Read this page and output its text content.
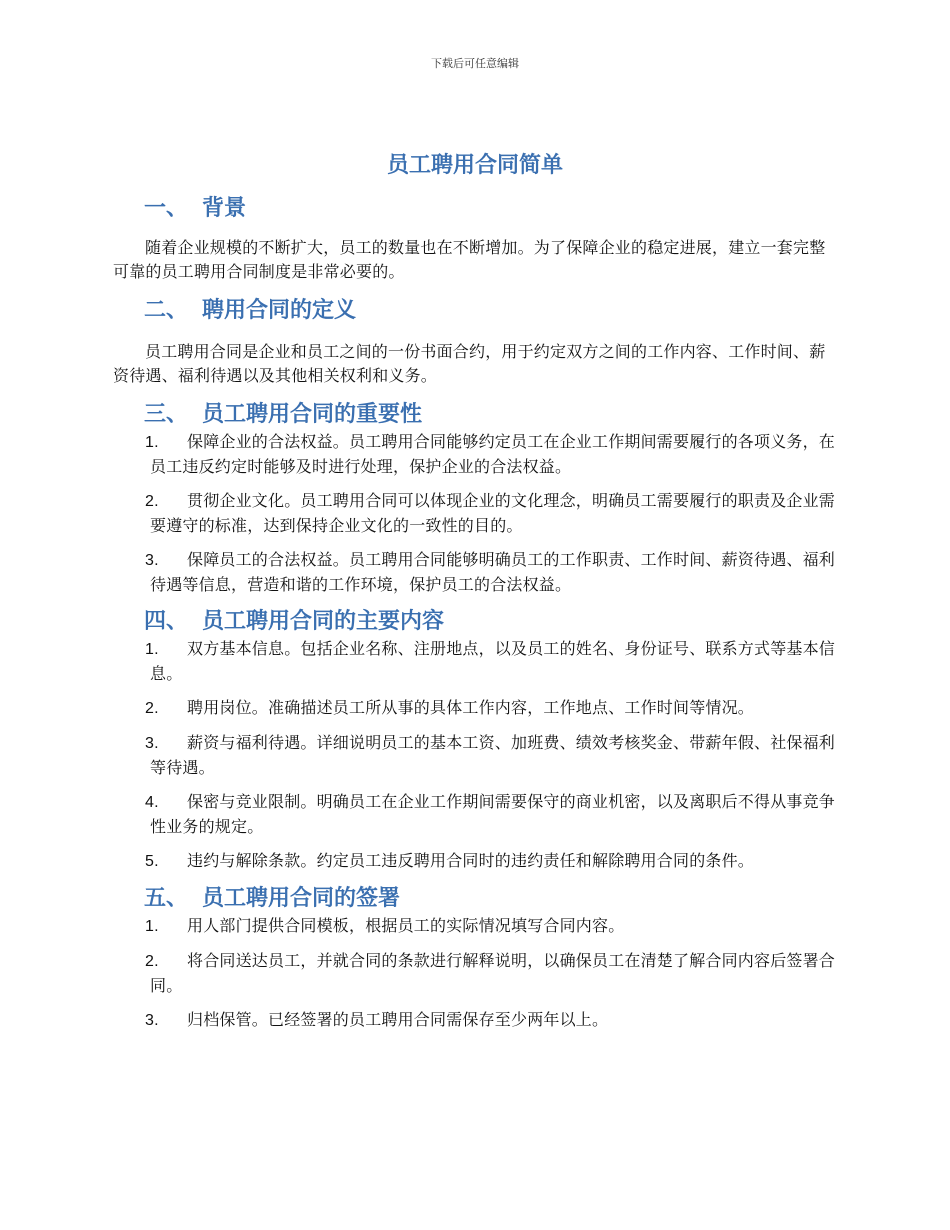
下载后可任意编辑
员工聘用合同简单
一、 背景

随着企业规模的不断扩大，员工的数量也在不断增加。为了保障企业的稳定进展，建立一套完整可靠的员工聘用合同制度是非常必要的。

二、 聘用合同的定义

员工聘用合同是企业和员工之间的一份书面合约，用于约定双方之间的工作内容、工作时间、薪资待遇、福利待遇以及其他相关权利和义务。

三、 员工聘用合同的重要性
1. 保障企业的合法权益。员工聘用合同能够约定员工在企业工作期间需要履行的各项义务，在员工违反约定时能够及时进行处理，保护企业的合法权益。
2. 贯彻企业文化。员工聘用合同可以体现企业的文化理念，明确员工需要履行的职责及企业需要遵守的标准，达到保持企业文化的一致性的目的。
3. 保障员工的合法权益。员工聘用合同能够明确员工的工作职责、工作时间、薪资待遇、福利待遇等信息，营造和谐的工作环境，保护员工的合法权益。
四、 员工聘用合同的主要内容
1. 双方基本信息。包括企业名称、注册地点，以及员工的姓名、身份证号、联系方式等基本信息。
2. 聘用岗位。准确描述员工所从事的具体工作内容，工作地点、工作时间等情况。
3. 薪资与福利待遇。详细说明员工的基本工资、加班费、绩效考核奖金、带薪年假、社保福利等待遇。
4. 保密与竞业限制。明确员工在企业工作期间需要保守的商业机密，以及离职后不得从事竞争性业务的规定。
5. 违约与解除条款。约定员工违反聘用合同时的违约责任和解除聘用合同的条件。
五、 员工聘用合同的签署
1. 用人部门提供合同模板，根据员工的实际情况填写合同内容。
2. 将合同送达员工，并就合同的条款进行解释说明，以确保员工在清楚了解合同内容后签署合同。
3. 归档保管。已经签署的员工聘用合同需保存至少两年以上。
